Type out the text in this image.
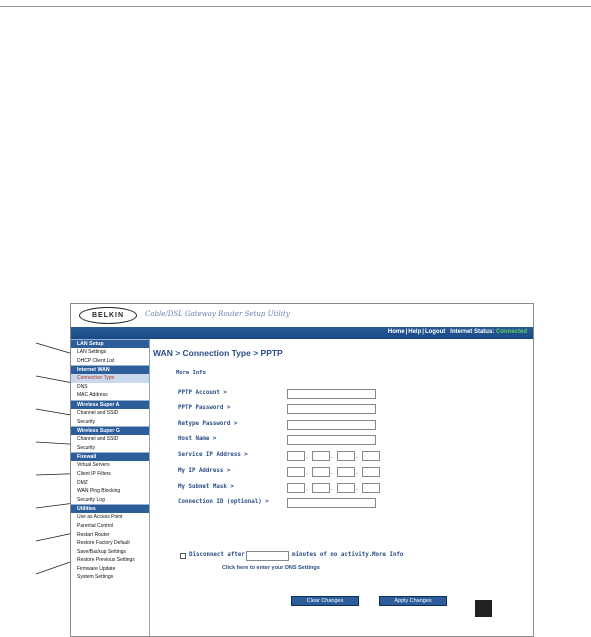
BELKIN	Cable/DSL Gateway Router Setup Utility
Home|Help|Logout Internet Status: Connected
LAN Setup
LAN Settings
DHCP Client List
Internet WAN
Connection Type
DNS
MAC Address
Wireless Super A
Channel and SSID
Security
Wireless Super G
Channel and SSID
Security
Firewall
Virtual Servers
Client IP Filters
DMZ
WAN Ping Blocking
Security Log
Utilities
Use as Access Point
Parental Control
Restart Router
Restore Factory Default
Save/Backup Settings
Restore Previous Settings
Firmware Update
System Settings
WAN > Connection Type > PPTP
More Info
PPTP Account >
PPTP Password >
Retype Password >
Host Name >
Service IP Address >	.	.	.
My IP Address >	.	.	.
My Subnet Mask >	.	.	.
Connection ID (optional) >
Disconnect after	minutes of no activity. More Info
Click here to enter your DNS Settings
Clear Changes	Apply Changes
